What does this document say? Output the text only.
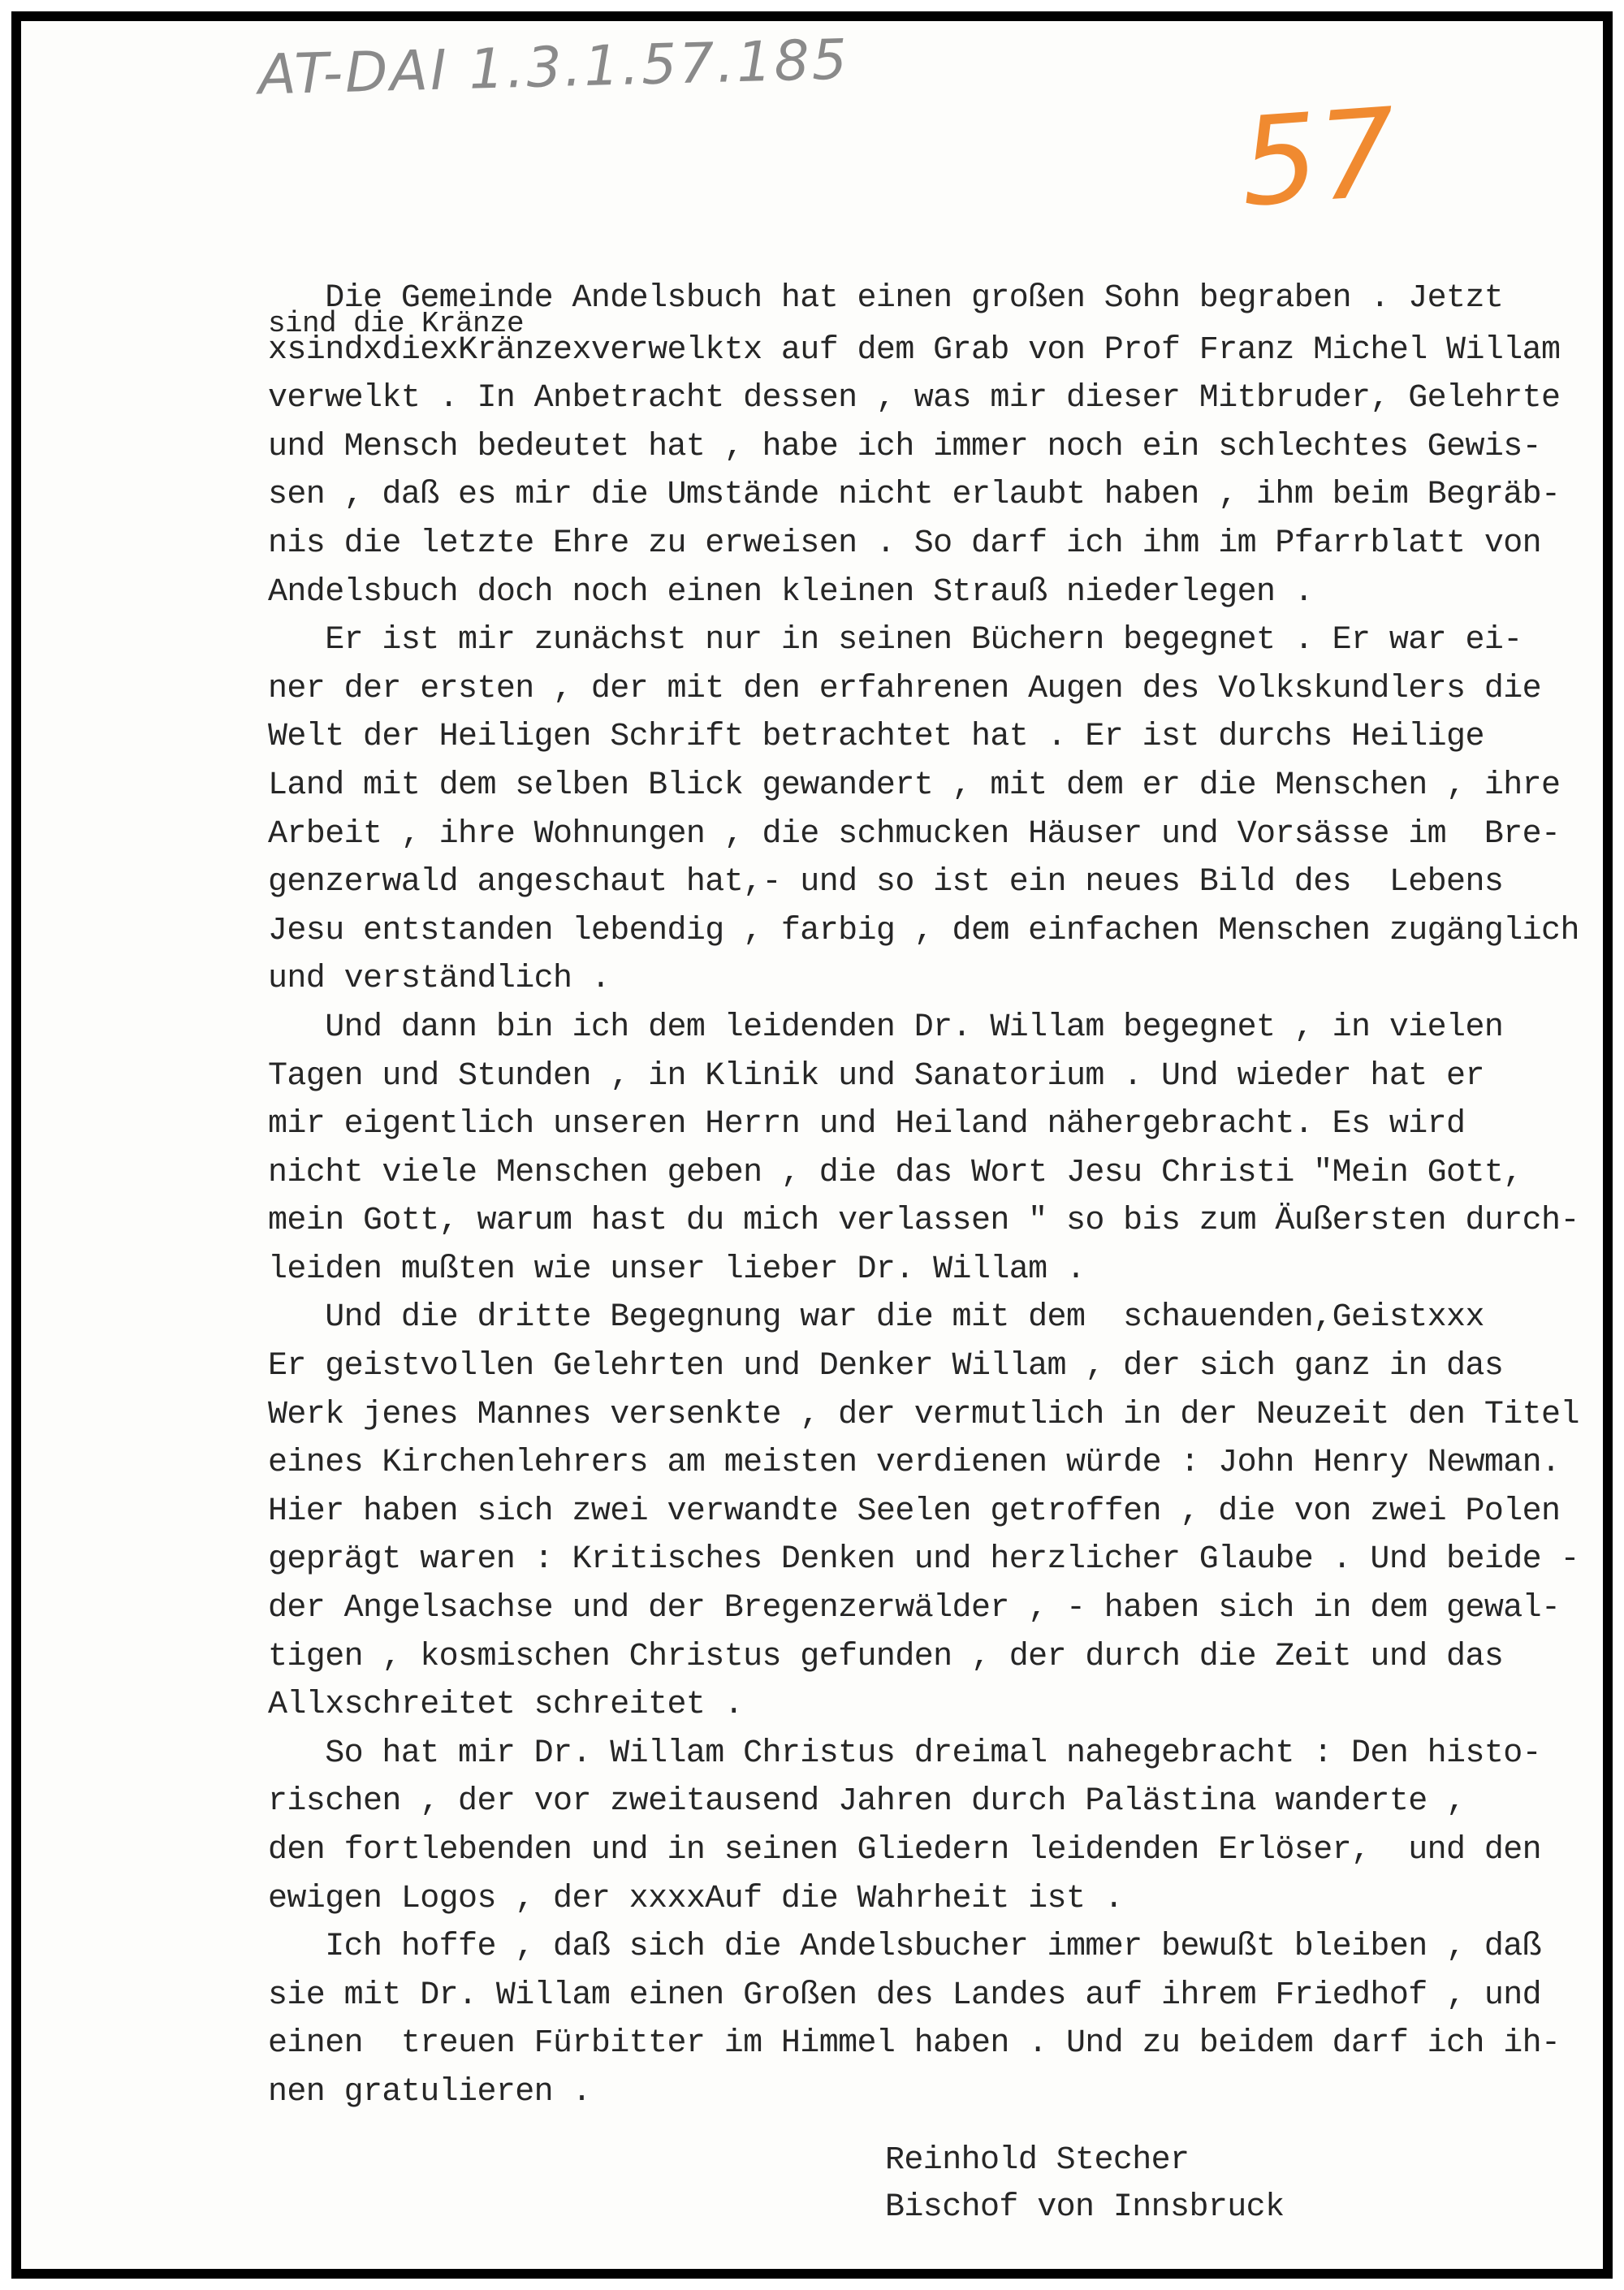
AT-DAI 1.3.1.57.185
57
sind die Kränze
Die Gemeinde Andelsbuch hat einen großen Sohn begraben . Jetzt
xsindxdiexKränzexverwelktx auf dem Grab von Prof Franz Michel Willam
verwelkt . In Anbetracht dessen , was mir dieser Mitbruder, Gelehrte
und Mensch bedeutet hat , habe ich immer noch ein schlechtes Gewis-
sen , daß es mir die Umstände nicht erlaubt haben , ihm beim Begräb-
nis die letzte Ehre zu erweisen . So darf ich ihm im Pfarrblatt von
Andelsbuch doch noch einen kleinen Strauß niederlegen .
Er ist mir zunächst nur in seinen Büchern begegnet . Er war ei-
ner der ersten , der mit den erfahrenen Augen des Volkskundlers die
Welt der Heiligen Schrift betrachtet hat . Er ist durchs Heilige
Land mit dem selben Blick gewandert , mit dem er die Menschen , ihre
Arbeit , ihre Wohnungen , die schmucken Häuser und Vorsässe im  Bre-
genzerwald angeschaut hat,- und so ist ein neues Bild des  Lebens
Jesu entstanden lebendig , farbig , dem einfachen Menschen zugänglich
und verständlich .
Und dann bin ich dem leidenden Dr. Willam begegnet , in vielen
Tagen und Stunden , in Klinik und Sanatorium . Und wieder hat er
mir eigentlich unseren Herrn und Heiland nähergebracht. Es wird
nicht viele Menschen geben , die das Wort Jesu Christi "Mein Gott,
mein Gott, warum hast du mich verlassen " so bis zum Äußersten durch-
leiden mußten wie unser lieber Dr. Willam .
Und die dritte Begegnung war die mit dem  schauenden,Geistxxx
Er geistvollen Gelehrten und Denker Willam , der sich ganz in das
Werk jenes Mannes versenkte , der vermutlich in der Neuzeit den Titel
eines Kirchenlehrers am meisten verdienen würde : John Henry Newman.
Hier haben sich zwei verwandte Seelen getroffen , die von zwei Polen
geprägt waren : Kritisches Denken und herzlicher Glaube . Und beide -
der Angelsachse und der Bregenzerwälder , - haben sich in dem gewal-
tigen , kosmischen Christus gefunden , der durch die Zeit und das
Allxschreitet schreitet .
So hat mir Dr. Willam Christus dreimal nahegebracht : Den histo-
rischen , der vor zweitausend Jahren durch Palästina wanderte ,
den fortlebenden und in seinen Gliedern leidenden Erlöser,  und den
ewigen Logos , der xxxxAuf die Wahrheit ist .
Ich hoffe , daß sich die Andelsbucher immer bewußt bleiben , daß
sie mit Dr. Willam einen Großen des Landes auf ihrem Friedhof , und
einen  treuen Fürbitter im Himmel haben . Und zu beidem darf ich ih-
nen gratulieren .
Reinhold Stecher
Bischof von Innsbruck
